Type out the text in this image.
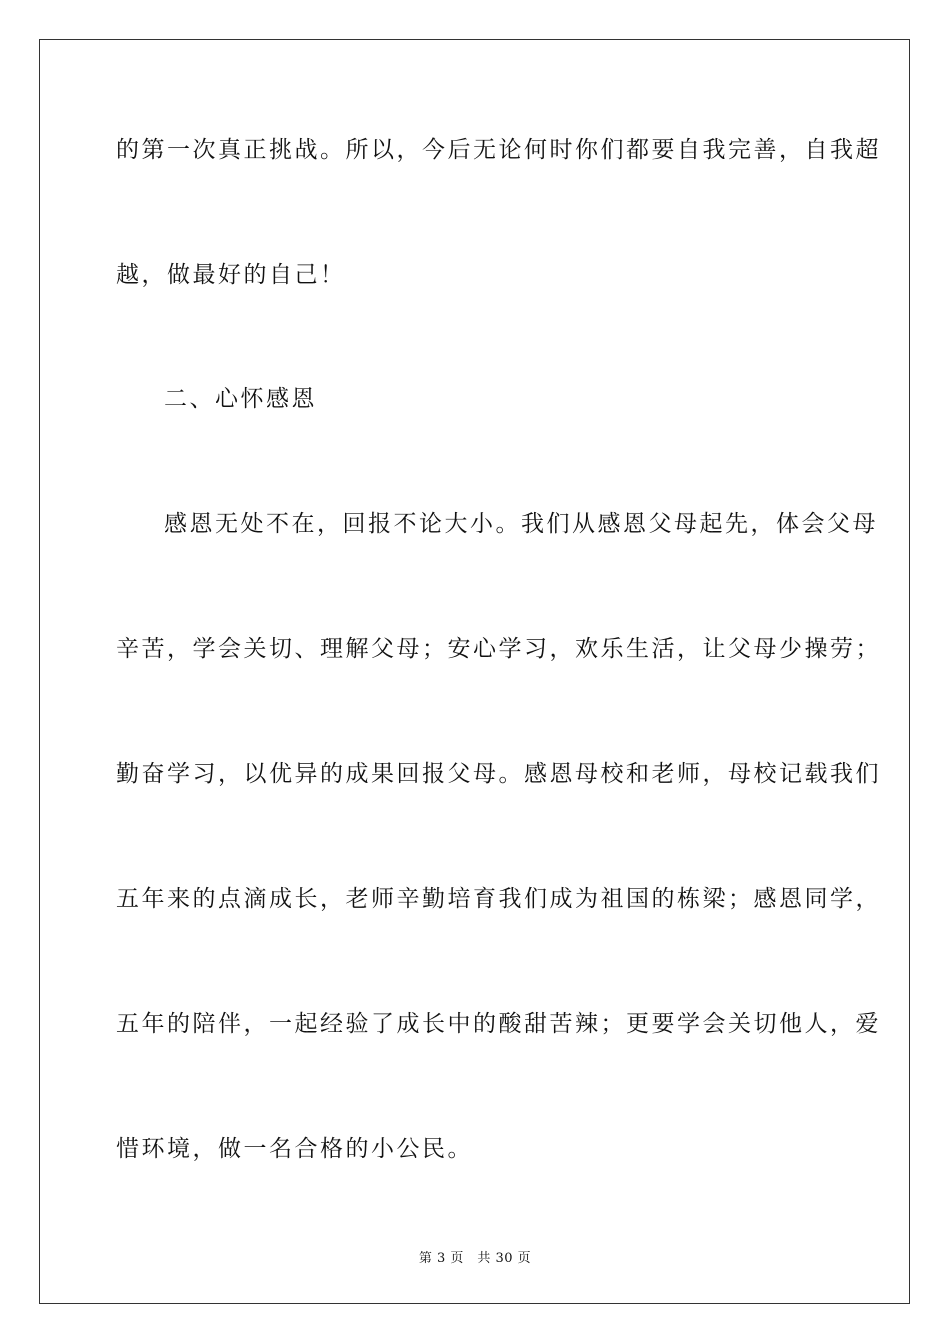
的第一次真正挑战。所以，今后无论何时你们都要自我完善，自我超
越，做最好的自己！
二、心怀感恩
感恩无处不在，回报不论大小。我们从感恩父母起先，体会父母
辛苦，学会关切、理解父母；安心学习，欢乐生活，让父母少操劳；
勤奋学习，以优异的成果回报父母。感恩母校和老师，母校记载我们
五年来的点滴成长，老师辛勤培育我们成为祖国的栋梁；感恩同学，
五年的陪伴，一起经验了成长中的酸甜苦辣；更要学会关切他人，爱
惜环境，做一名合格的小公民。
第 3 页　共 30 页
